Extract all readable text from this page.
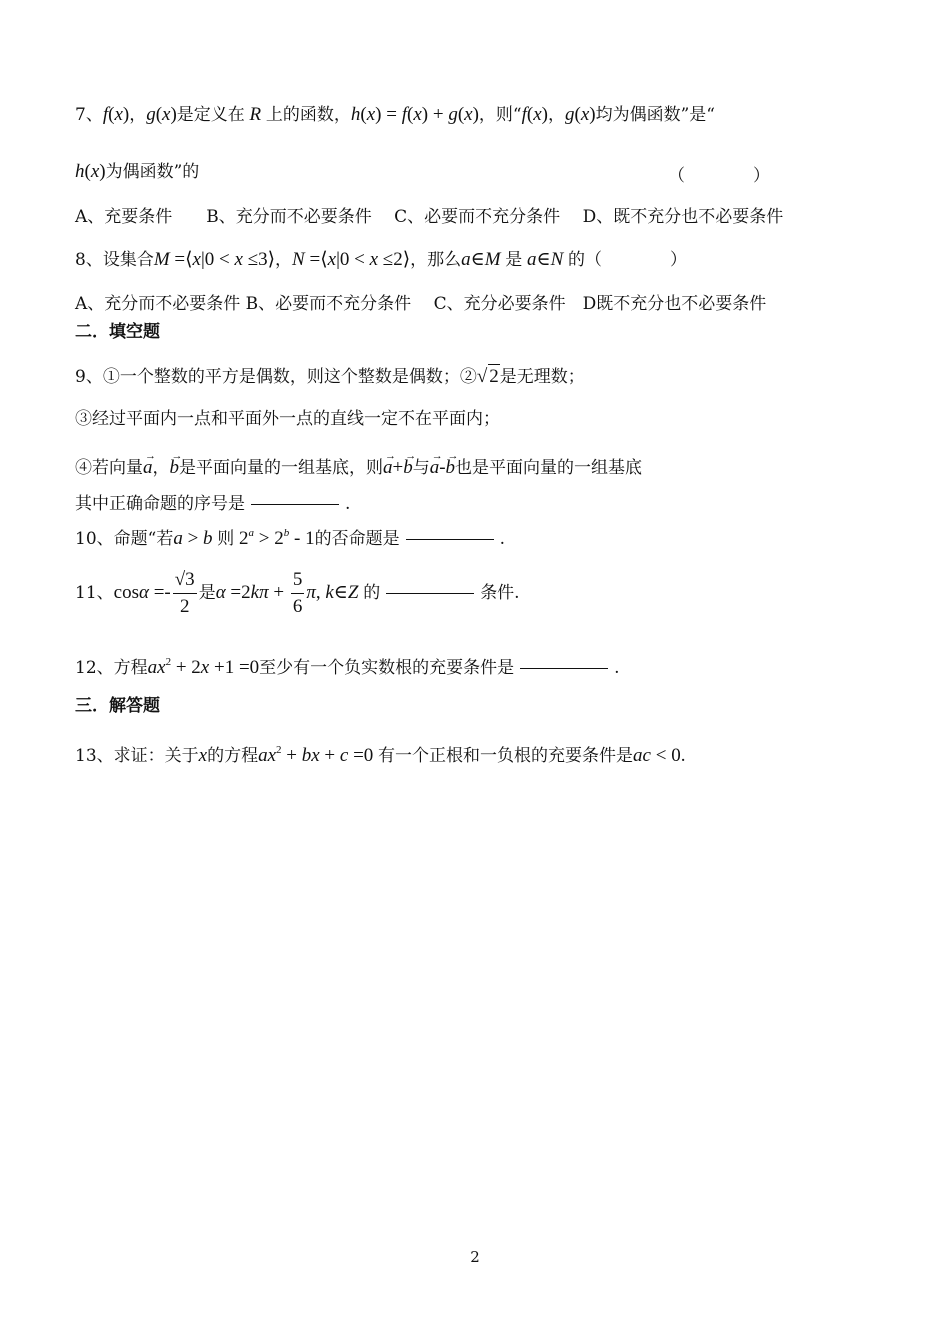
7、f(x)，g(x)是定义在 R 上的函数，h(x) = f(x) + g(x)，则“f(x)，g(x)均为偶函数”是“
h(x)为偶函数”的	（　　　　）
A、充要条件　　B、充分而不必要条件　 C、必要而不充分条件　 D、既不充分也不必要条件
8、设集合M =⟨x|0 < x ≤3⟩，N =⟨x|0 < x ≤2⟩，那么a∈M 是 a∈N 的（　　　　）
A、充分而不必要条件 B、必要而不充分条件　 C、充分必要条件　D既不充分也不必要条件
二．填空题
9、①一个整数的平方是偶数，则这个整数是偶数；②√ 2是无理数；
③经过平面内一点和平面外一点的直线一定不在平面内；
④若向量→ a，→ b是平面向量的一组基底，则→ a+→ b与→ a-→ b也是平面向量的一组基底
其中正确命题的序号是	.
10、命题“若a > b 则 $2^a > 2^b - 1$的否命题是	.
11、$\cos\alpha =- \frac{√3}{2}$ 是$\alpha =2k\pi + \frac{5}{6} \pi$, k∈Z 的	条件.
12、方程$ax^2 + 2x +1 =0$至少有一个负实数根的充要条件是	.
三．解答题
13、求证：关于x的方程$ax^2$ + bx + c =0 有一个正根和一负根的充要条件是ac < 0.
2
